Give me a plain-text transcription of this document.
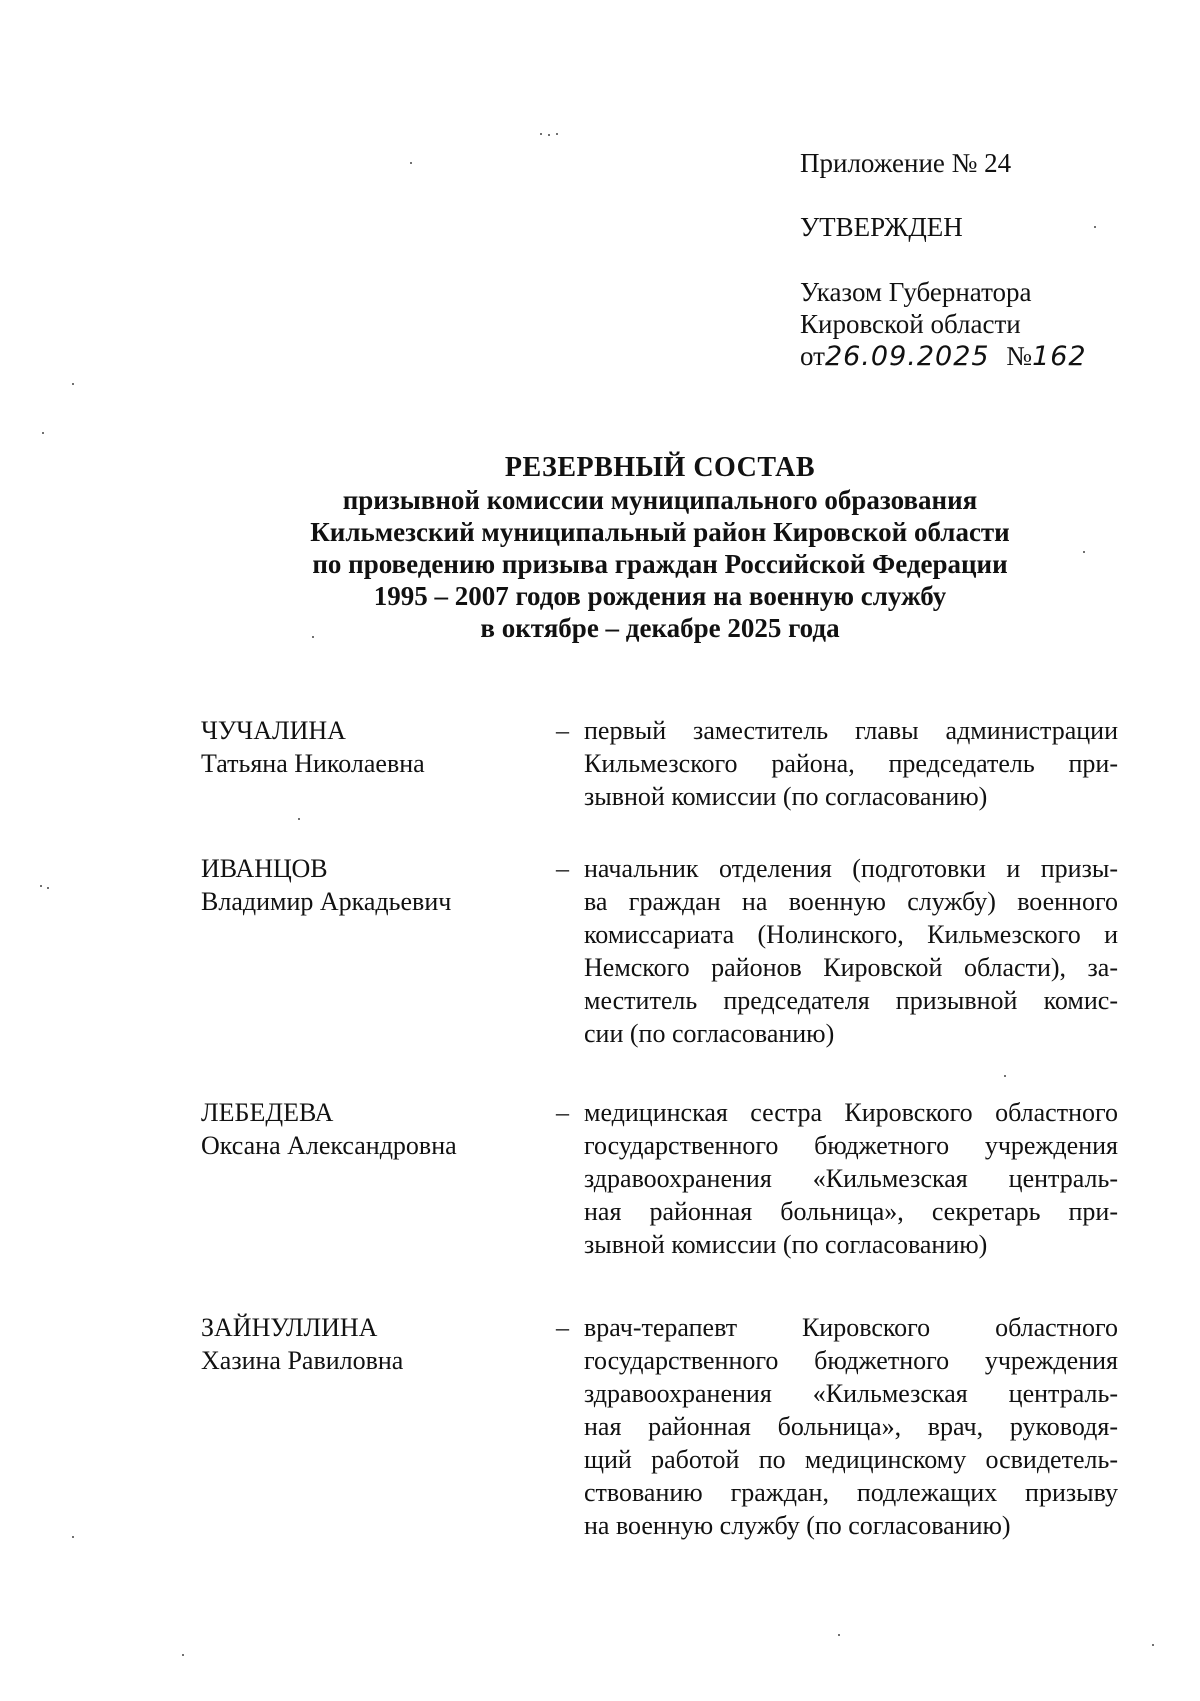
Приложение № 24
УТВЕРЖДЕН
Указом Губернатора
Кировской области
от26.09.2025 №162
РЕЗЕРВНЫЙ СОСТАВ
призывной комиссии муниципального образования
Кильмезский муниципальный район Кировской области
по проведению призыва граждан Российской Федерации
1995 – 2007 годов рождения на военную службу
в октябре – декабре 2025 года
ЧУЧАЛИНА
Татьяна Николаевна
– первый заместитель главы администрации
Кильмезского района, председатель при-
зывной комиссии (по согласованию)
ИВАНЦОВ
Владимир Аркадьевич
– начальник отделения (подготовки и призы-
ва граждан на военную службу) военного
комиссариата (Нолинского, Кильмезского и
Немского районов Кировской области), за-
меститель председателя призывной комис-
сии (по согласованию)
ЛЕБЕДЕВА
Оксана Александровна
– медицинская сестра Кировского областного
государственного бюджетного учреждения
здравоохранения «Кильмезская централь-
ная районная больница», секретарь при-
зывной комиссии (по согласованию)
ЗАЙНУЛЛИНА
Хазина Равиловна
– врач-терапевт Кировского областного
государственного бюджетного учреждения
здравоохранения «Кильмезская централь-
ная районная больница», врач, руководя-
щий работой по медицинскому освидетель-
ствованию граждан, подлежащих призыву
на военную службу (по согласованию)
